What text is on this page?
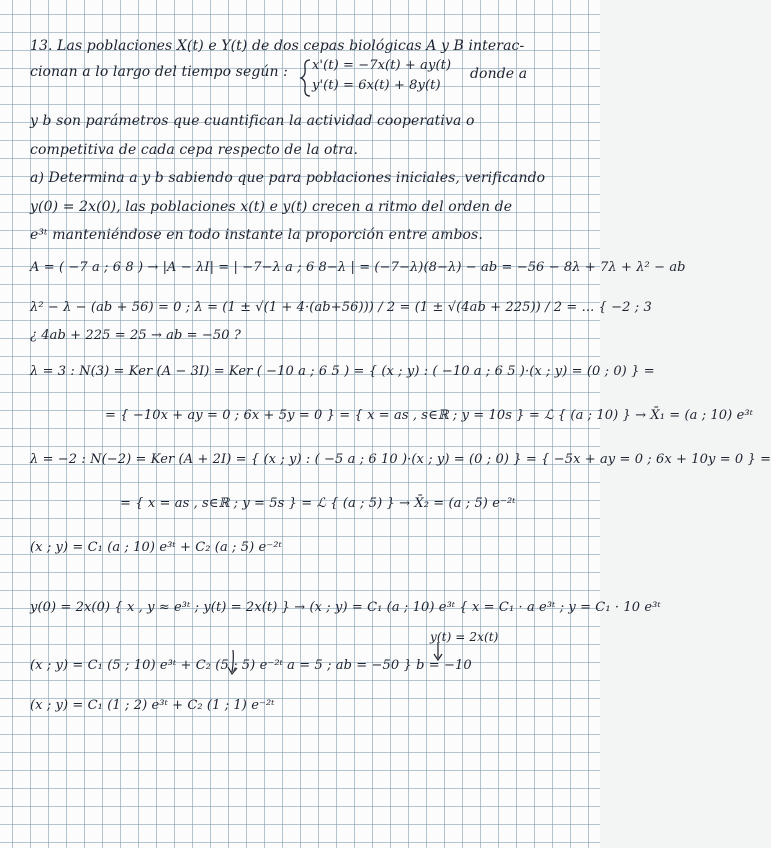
13. Las poblaciones X(t) e Y(t) de dos cepas biológicas A y B interac-
cionan a lo largo del tiempo según : x'(t) = −7x(t) + ay(t)
y'(t) = 6x(t) + 8y(t)
donde a
y b son parámetros que cuantifican la actividad cooperativa o
competitiva de cada cepa respecto de la otra.
a) Determina a y b sabiendo que para poblaciones iniciales, verificando
y(0) = 2x(0), las poblaciones x(t) e y(t) crecen a ritmo del orden de
e³ᵗ manteniéndose en todo instante la proporción entre ambos.
A = ( −7 a ; 6 8 ) → |A − λI| = | −7−λ a ; 6 8−λ | = (−7−λ)(8−λ) − ab = −56 − 8λ + 7λ + λ² − ab
λ² − λ − (ab + 56) = 0 ; λ = (1 ± √(1 + 4·(ab+56))) / 2 = (1 ± √(4ab + 225)) / 2 = ... { −2 ; 3
¿ 4ab + 225 = 25 → ab = −50 ?
λ = 3 : N(3) = Ker (A − 3I) = Ker ( −10 a ; 6 5 ) = { (x ; y) : ( −10 a ; 6 5 )·(x ; y) = (0 ; 0) } =
= { −10x + ay = 0 ; 6x + 5y = 0 } = { x = as , s∈ℝ ; y = 10s } = ℒ { (a ; 10) } → X̄₁ = (a ; 10) e³ᵗ
λ = −2 : N(−2) = Ker (A + 2I) = { (x ; y) : ( −5 a ; 6 10 )·(x ; y) = (0 ; 0) } = { −5x + ay = 0 ; 6x + 10y = 0 } =
= { x = as , s∈ℝ ; y = 5s } = ℒ { (a ; 5) } → X̄₂ = (a ; 5) e⁻²ᵗ
(x ; y) = C₁ (a ; 10) e³ᵗ + C₂ (a ; 5) e⁻²ᵗ
y(0) = 2x(0) { x , y ≈ e³ᵗ ; y(t) = 2x(t) } → (x ; y) = C₁ (a ; 10) e³ᵗ { x = C₁ · a e³ᵗ ; y = C₁ · 10 e³ᵗ
y(t) = 2x(t)
(x ; y) = C₁ (5 ; 10) e³ᵗ + C₂ (5 ; 5) e⁻²ᵗ a = 5 ; ab = −50 } b = −10
(x ; y) = C₁ (1 ; 2) e³ᵗ + C₂ (1 ; 1) e⁻²ᵗ
